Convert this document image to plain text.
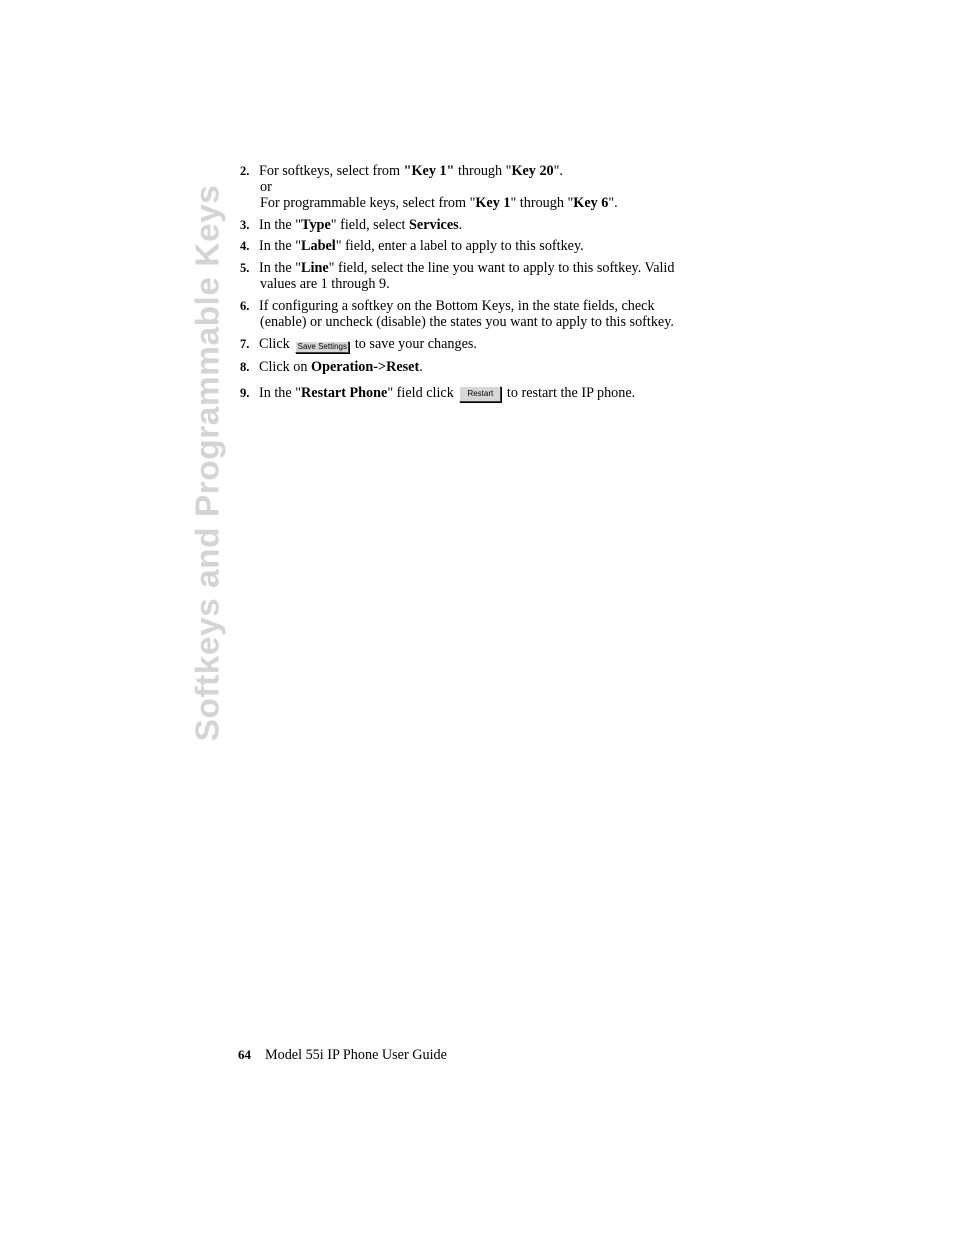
Softkeys and Programmable Keys
2. For softkeys, select from "Key 1" through "Key 20".
or
For programmable keys, select from "Key 1" through "Key 6".
3. In the "Type" field, select Services.
4. In the "Label" field, enter a label to apply to this softkey.
5. In the "Line" field, select the line you want to apply to this softkey. Valid
values are 1 through 9.
6. If configuring a softkey on the Bottom Keys, in the state fields, check
(enable) or uncheck (disable) the states you want to apply to this softkey.
7. Click Save Settings to save your changes.
8. Click on Operation->Reset.
9. In the "Restart Phone" field click Restart to restart the IP phone.
64 Model 55i IP Phone User Guide
